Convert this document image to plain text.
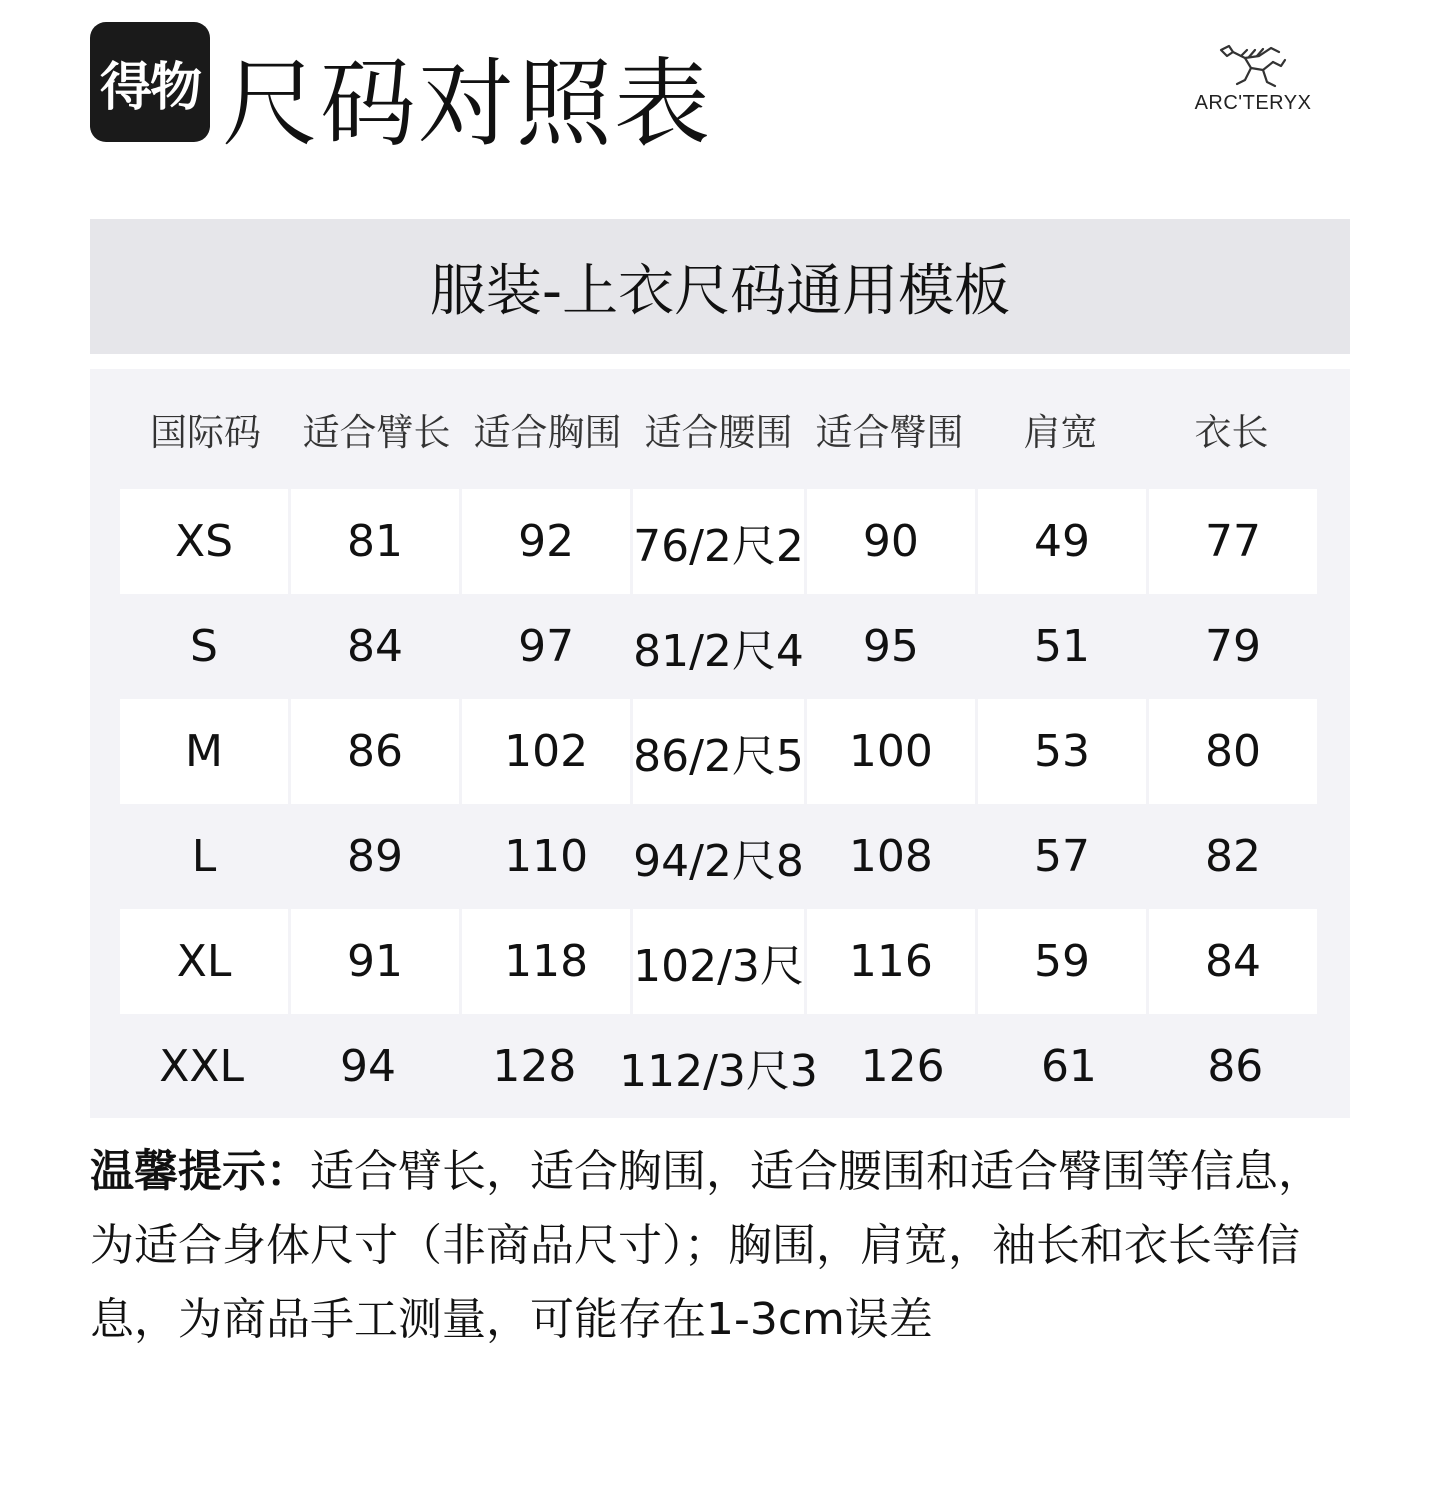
得物 尺码对照表	ARC'TERYX
服装-上衣尺码通用模板
国际码	适合臂长 适合胸围 适合腰围 适合臀围	肩宽	衣长
XS	81	92	76/2尺2	90	49	77
S	84	97	81/2尺4	95	51	79
M	86	102	86/2尺5	100	53	80
L	89	110	94/2尺8	108	57	82
XL	91	118	102/3尺	116	59	84
XXL	94	128 112/3尺3 126	61	86
温馨提示：适合臂长，适合胸围，适合腰围和适合臀围等信息，为适合身体尺寸（非商品尺寸）；胸围，肩宽，袖长和衣长等信息，为商品手工测量，可能存在1-3cm误差
